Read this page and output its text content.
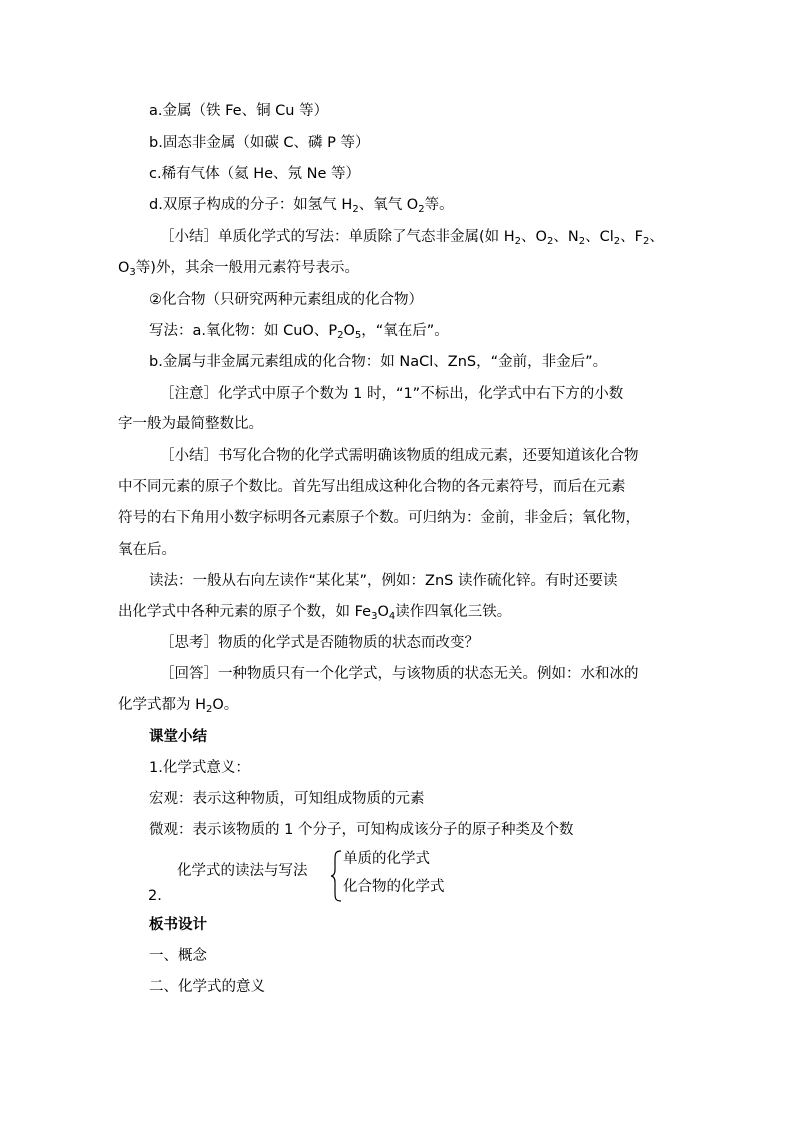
a.金属（铁 Fe、铜 Cu 等）
b.固态非金属（如碳 C、磷 P 等）
c.稀有气体（氦 He、氖 Ne 等）
d.双原子构成的分子：如氢气 $H_2$、氧气 $O_2$等。
［小结］单质化学式的写法：单质除了气态非金属(如 $H_2$、$O_2$、$N_2$、$Cl_2$、$F_2$、
$O_3$等)外，其余一般用元素符号表示。
②化合物（只研究两种元素组成的化合物）
写法：a.氧化物：如 CuO、$P_2O_5$，“氧在后”。
b.金属与非金属元素组成的化合物：如 NaCl、ZnS，“金前，非金后”。
［注意］化学式中原子个数为 1 时，“1”不标出，化学式中右下方的小数
字一般为最简整数比。
［小结］书写化合物的化学式需明确该物质的组成元素，还要知道该化合物
中不同元素的原子个数比。首先写出组成这种化合物的各元素符号，而后在元素
符号的右下角用小数字标明各元素原子个数。可归纳为：金前，非金后；氧化物，
氧在后。
读法：一般从右向左读作“某化某”，例如：ZnS 读作硫化锌。有时还要读
出化学式中各种元素的原子个数，如 $Fe_3O_4$读作四氧化三铁。
［思考］物质的化学式是否随物质的状态而改变？
［回答］一种物质只有一个化学式，与该物质的状态无关。例如：水和冰的
化学式都为 $H_2O$。
课堂小结
1.化学式意义：
宏观：表示这种物质，可知组成物质的元素
微观：表示该物质的 1 个分子，可知构成该分子的原子种类及个数
2.
化学式的读法与写法
单质的化学式
化合物的化学式
板书设计
一、概念
二、化学式的意义
